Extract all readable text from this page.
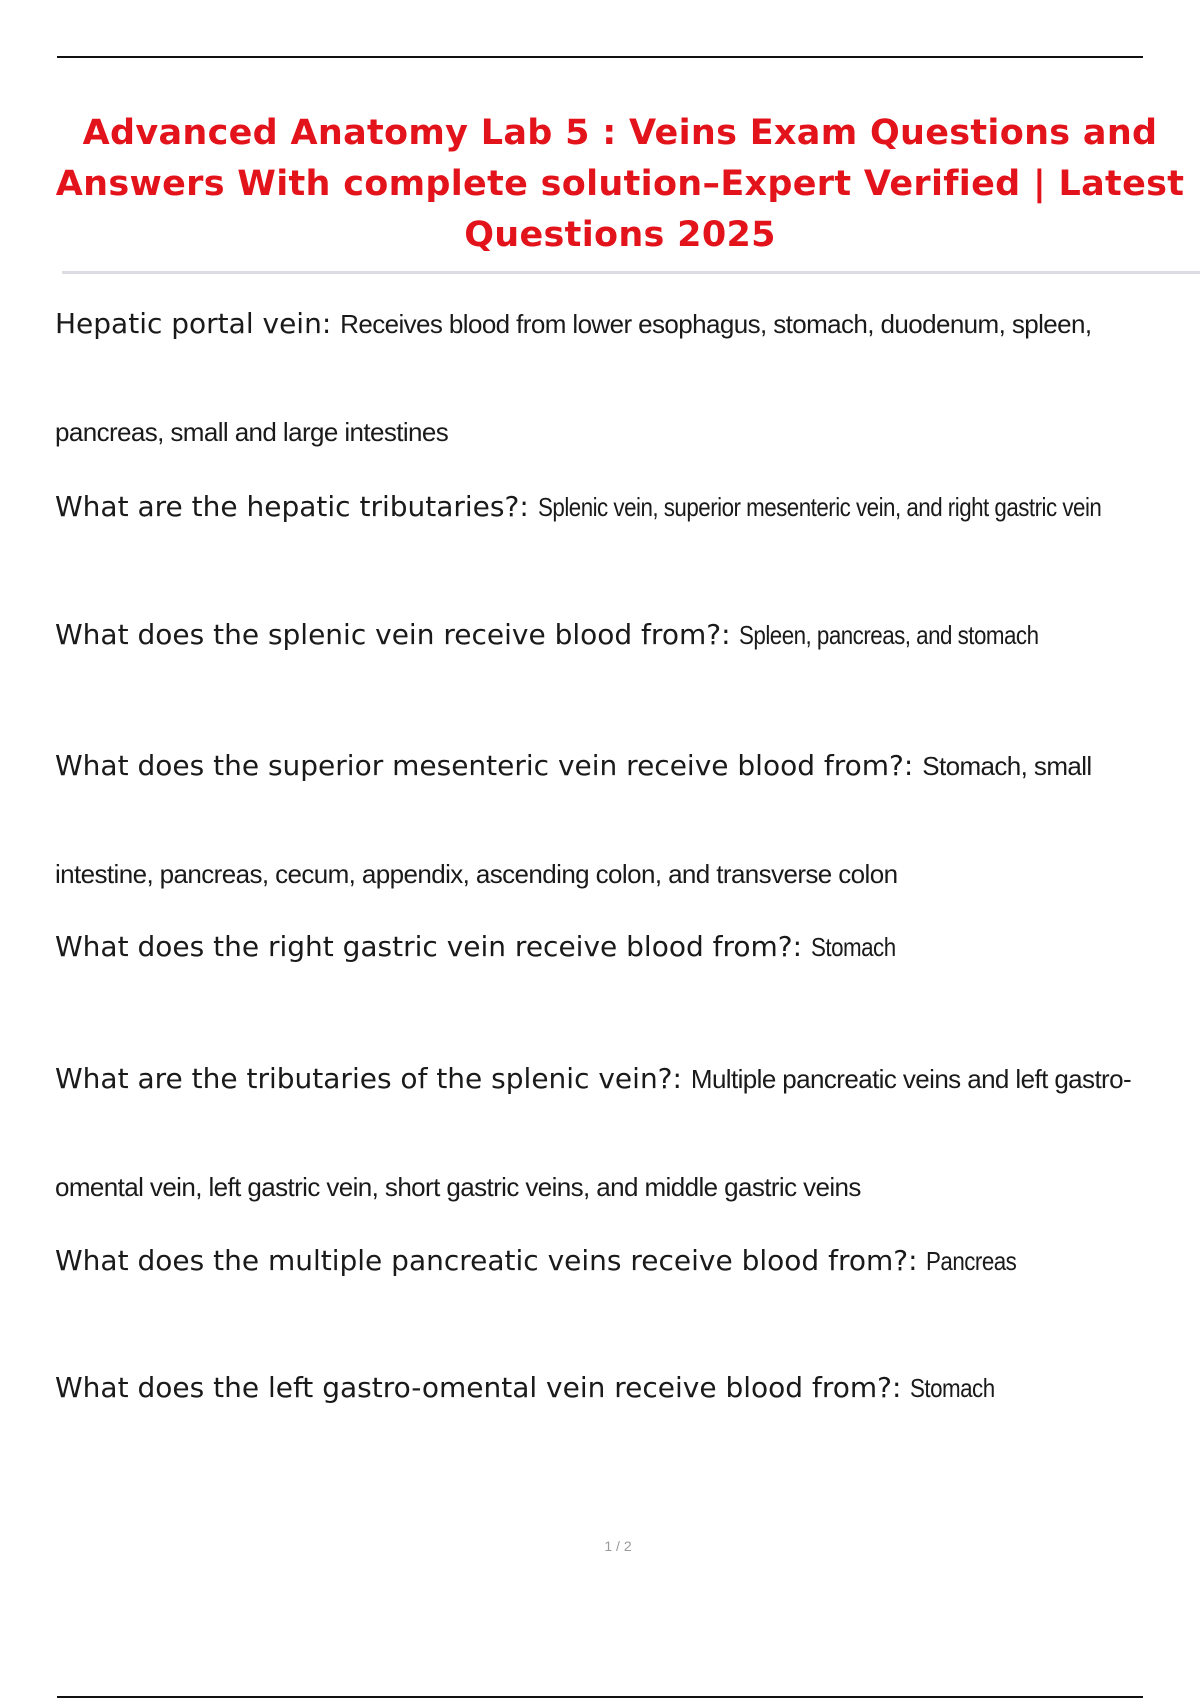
Advanced Anatomy Lab 5 : Veins Exam Questions and Answers With complete solution–Expert Verified | Latest Questions 2025

Hepatic portal vein: Receives blood from lower esophagus, stomach, duodenum, spleen, pancreas, small and large intestines

What are the hepatic tributaries?: Splenic vein, superior mesenteric vein, and right gastric vein

What does the splenic vein receive blood from?: Spleen, pancreas, and stomach

What does the superior mesenteric vein receive blood from?: Stomach, small intestine, pancreas, cecum, appendix, ascending colon, and transverse colon

What does the right gastric vein receive blood from?: Stomach

What are the tributaries of the splenic vein?: Multiple pancreatic veins and left gastro-omental vein, left gastric vein, short gastric veins, and middle gastric veins

What does the multiple pancreatic veins receive blood from?: Pancreas

What does the left gastro-omental vein receive blood from?: Stomach

1 / 2
